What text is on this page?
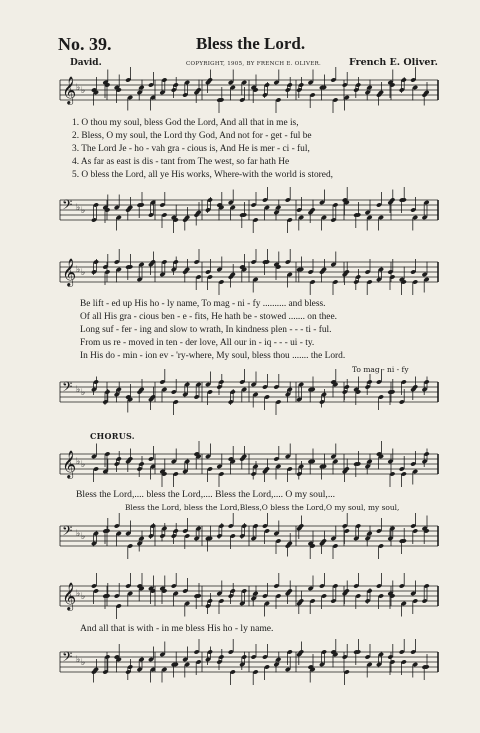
No. 39.	Bless the Lord.
David.	COPYRIGHT, 1905, BY FRENCH E. OLIVER.	French E. Oliver.
𝄞 ♭ ♭
1. O thou my soul, bless God the Lord, And all that in me is,
2. Bless, O my soul, the Lord thy God, And not for - get - ful be
3. The Lord Je - ho - vah gra - cious is, And He is mer - ci - ful,
4. As far as east is dis - tant from The west, so far hath He
5. O bless the Lord, all ye His works, Where-with the world is stored,
𝄢 ♭ ♭
𝄞 ♭ ♭
Be lift - ed up His ho - ly name, To mag - ni - fy .......... and bless.
Of all His gra - cious ben - e - fits, He hath be - stowed ....... on thee.
Long suf - fer - ing and slow to wrath, In kindness plen - - - ti - ful.
From us re - moved in ten - der love, All our in - iq - - - ui - ty.
In His do - min - ion ev - 'ry-where, My soul, bless thou ....... the Lord.
To mag - ni - fy
𝄢 ♭ ♭
CHORUS.
𝄞 ♭ ♭
Bless the Lord,.... bless the Lord,.... Bless the Lord,.... O my soul,...
Bless the Lord, bless the Lord,Bless,O bless the Lord,O my soul, my soul,
𝄢 ♭ ♭
𝄞 ♭ ♭
And all that is with - in me bless His ho - ly name.
𝄢 ♭ ♭
